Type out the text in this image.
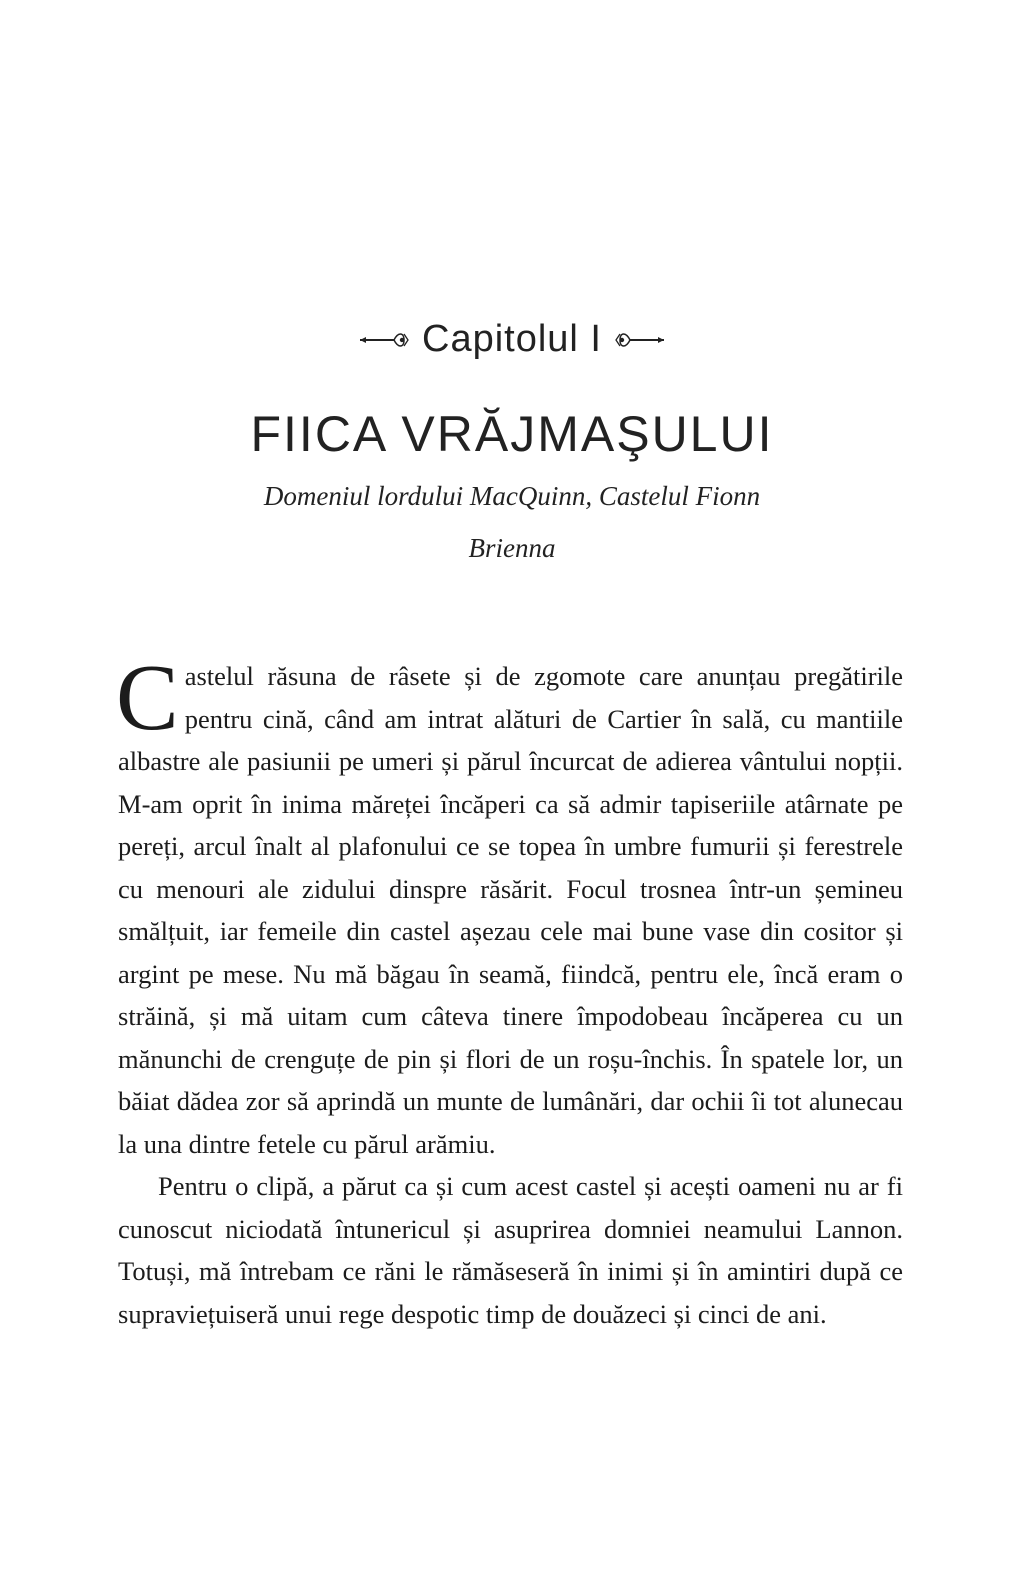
Capitolul I
FIICA VRĂJMAŞULUI
Domeniul lordului MacQuinn, Castelul Fionn
Brienna

Castelul răsuna de râsete și de zgomote care anunțau pregătirile pentru cină, când am intrat alături de Cartier în sală, cu mantiile albastre ale pasiunii pe umeri și părul încurcat de adierea vântului nopții. M-am oprit în inima măreței încăperi ca să admir tapiseriile atârnate pe pereți, arcul înalt al plafonului ce se topea în umbre fumurii și ferestrele cu menouri ale zidului dinspre răsărit. Focul trosnea într-un șemineu smălțuit, iar femeile din castel așezau cele mai bune vase din cositor și argint pe mese. Nu mă băgau în seamă, fiindcă, pentru ele, încă eram o străină, și mă uitam cum câteva tinere împodobeau încăperea cu un mănunchi de crenguțe de pin și flori de un roșu-închis. În spatele lor, un băiat dădea zor să aprindă un munte de lumânări, dar ochii îi tot alunecau la una dintre fetele cu părul arămiu.

Pentru o clipă, a părut ca și cum acest castel și acești oameni nu ar fi cunoscut niciodată întunericul și asuprirea domniei neamului Lannon. Totuși, mă întrebam ce răni le rămăseseră în inimi și în amintiri după ce supraviețuiseră unui rege despotic timp de douăzeci și cinci de ani.
